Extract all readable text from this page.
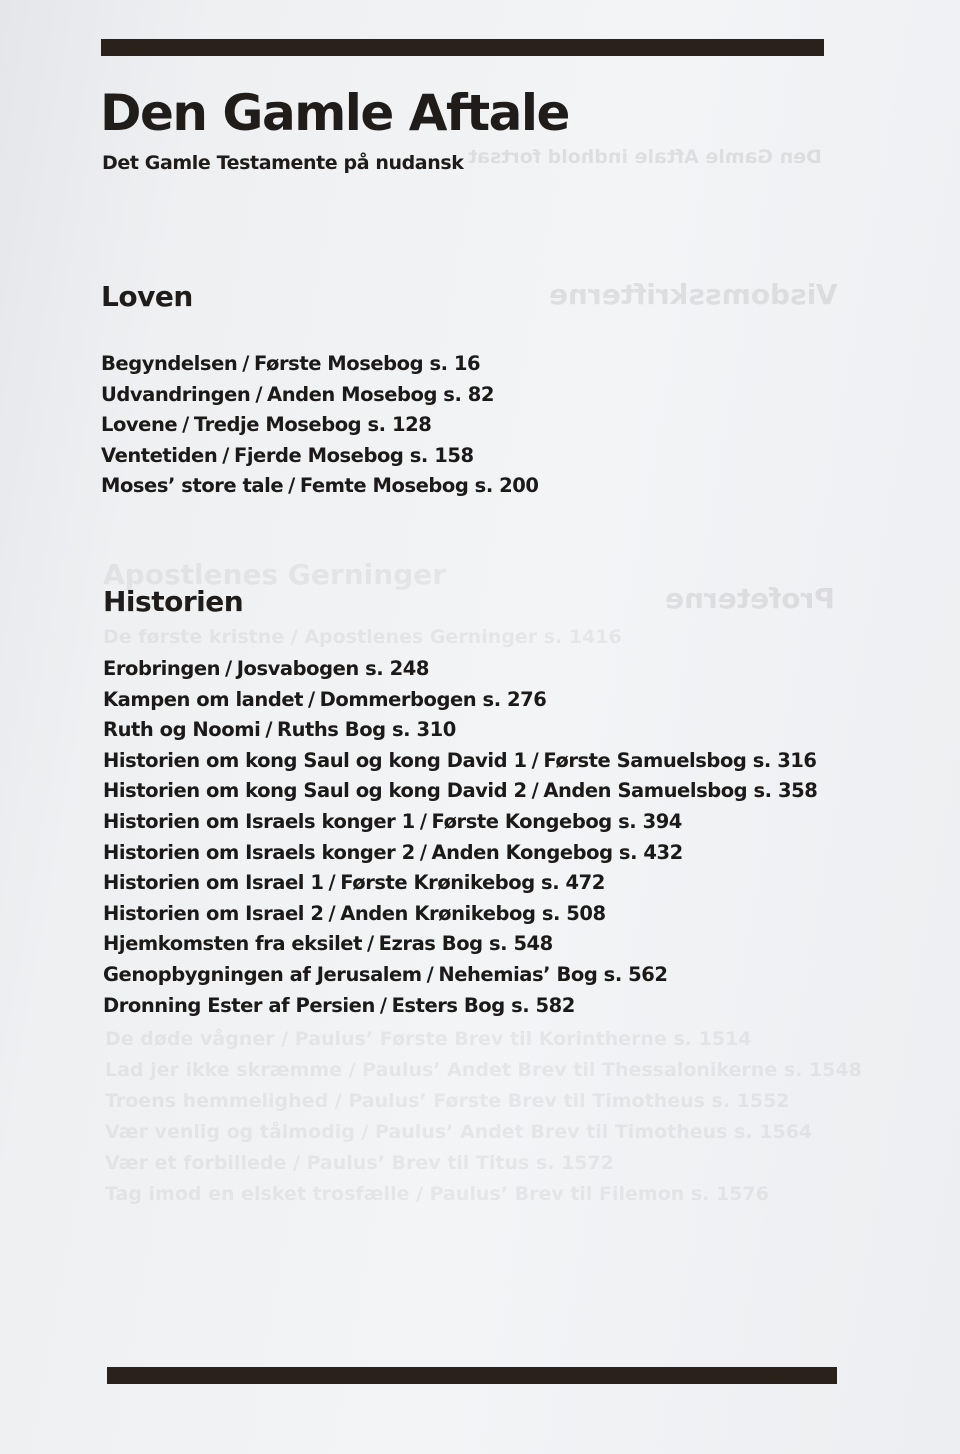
Den Gamle Aftale

Det Gamle Testamente på nudansk Den Gamle Aftale indhold fortsat
Visdomsskrifterne
Profeterne
Apostlenes Gerninger
De første kristne / Apostlenes Gerninger s. 1416
De døde vågner / Paulus’ Første Brev til Korintherne s. 1514
Lad jer ikke skræmme / Paulus’ Andet Brev til Thessalonikerne s. 1548
Troens hemmelighed / Paulus’ Første Brev til Timotheus s. 1552
Vær venlig og tålmodig / Paulus’ Andet Brev til Timotheus s. 1564
Vær et forbillede / Paulus’ Brev til Titus s. 1572
Tag imod en elsket trosfælle / Paulus’ Brev til Filemon s. 1576
Loven
Begyndelsen / Første Mosebog s. 16
Udvandringen / Anden Mosebog s. 82
Lovene / Tredje Mosebog s. 128
Ventetiden / Fjerde Mosebog s. 158
Moses’ store tale / Femte Mosebog s. 200
Historien
Erobringen / Josvabogen s. 248
Kampen om landet / Dommerbogen s. 276
Ruth og Noomi / Ruths Bog s. 310
Historien om kong Saul og kong David 1 / Første Samuelsbog s. 316
Historien om kong Saul og kong David 2 / Anden Samuelsbog s. 358
Historien om Israels konger 1 / Første Kongebog s. 394
Historien om Israels konger 2 / Anden Kongebog s. 432
Historien om Israel 1 / Første Krønikebog s. 472
Historien om Israel 2 / Anden Krønikebog s. 508
Hjemkomsten fra eksilet / Ezras Bog s. 548
Genopbygningen af Jerusalem / Nehemias’ Bog s. 562
Dronning Ester af Persien / Esters Bog s. 582
